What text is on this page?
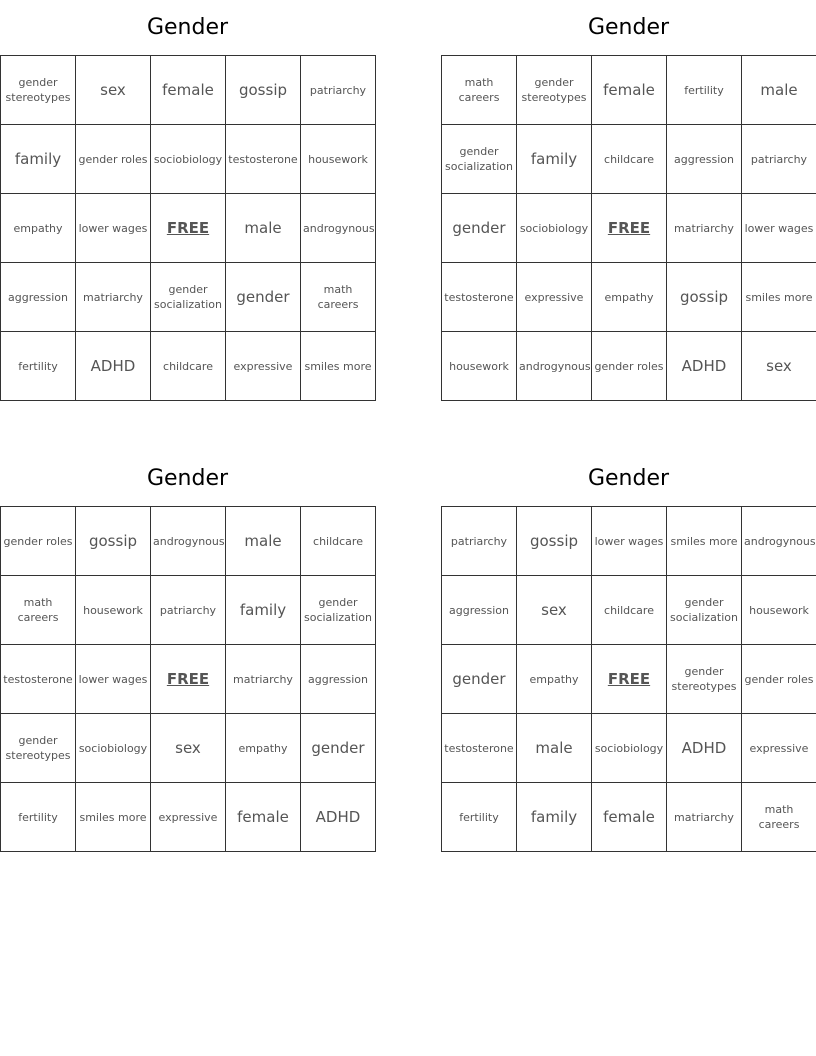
Gender
gender stereotypes	sex	female	gossip	patriarchy
family	gender roles	sociobiology	testosterone	housework
empathy	lower wages	FREE	male	androgynous
aggression	matriarchy	gender socialization	gender	math careers
fertility	ADHD	childcare	expressive	smiles more
Gender
math careers	gender stereotypes	female	fertility	male
gender socialization	family	childcare	aggression	patriarchy
gender	sociobiology	FREE	matriarchy	lower wages
testosterone	expressive	empathy	gossip	smiles more
housework	androgynous	gender roles	ADHD	sex
Gender
gender roles	gossip	androgynous	male	childcare
math careers	housework	patriarchy	family	gender socialization
testosterone	lower wages	FREE	matriarchy	aggression
gender stereotypes	sociobiology	sex	empathy	gender
fertility	smiles more	expressive	female	ADHD
Gender
patriarchy	gossip	lower wages	smiles more	androgynous
aggression	sex	childcare	gender socialization	housework
gender	empathy	FREE	gender stereotypes	gender roles
testosterone	male	sociobiology	ADHD	expressive
fertility	family	female	matriarchy	math careers
